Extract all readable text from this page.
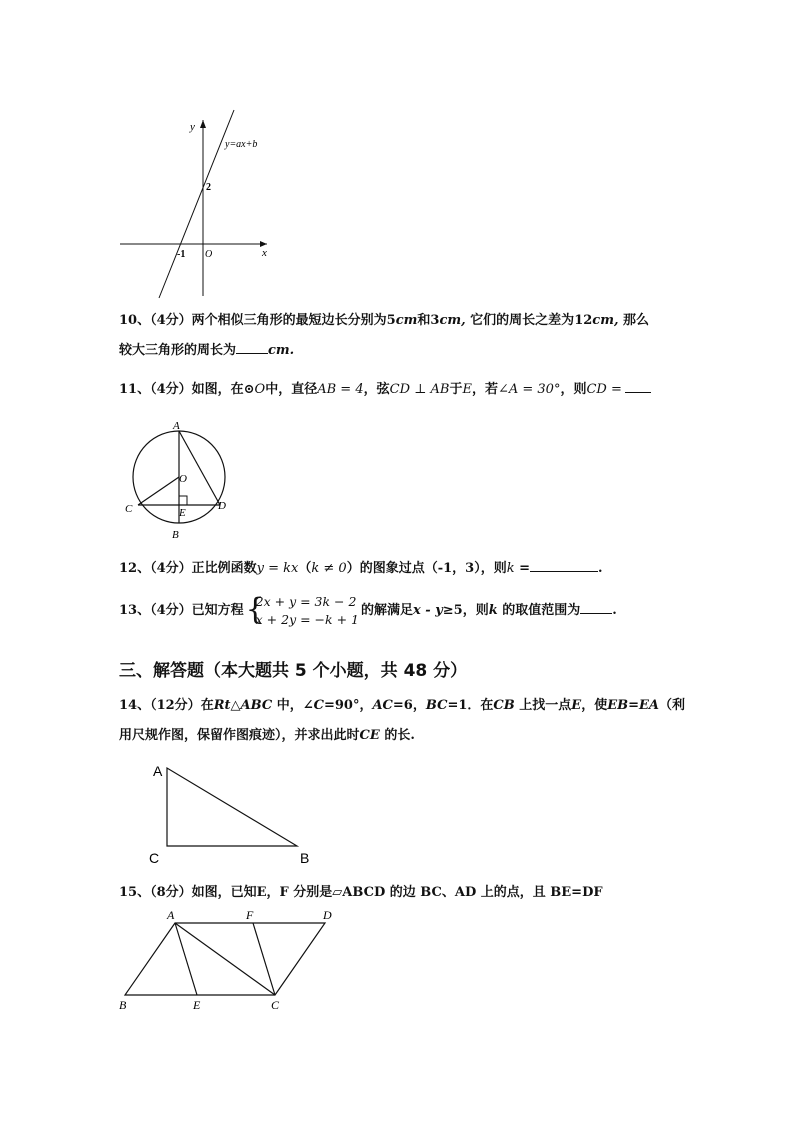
y
x
y=ax+b
2
-1 O
10、（4分）两个相似三角形的最短边长分别为5cm和3cm, 它们的周长之差为12cm, 那么
较大三角形的周长为 cm.
11、（4分）如图，在⊙O中，直径AB = 4，弦CD ⊥ AB于E，若∠A = 30°，则CD =
A
O
C	D
E
B
12、（4分）正比例函数y = kx（k ≠ 0）的图象过点（-1，3），则k =	.
13、（4分）已知方程 {
2x + y = 3k − 2
x + 2y = −k + 1
的解满足x - y≥5，则k 的取值范围为 .
三、解答题（本大题共 5 个小题，共 48 分）
14、（12分）在Rt△ABC 中，∠C=90°，AC=6，BC=1．在CB 上找一点E，使EB=EA（利
用尺规作图，保留作图痕迹），并求出此时CE 的长.
A
C	B
15、（8分）如图，已知E，F 分别是▱ABCD 的边 BC、AD 上的点，且 BE=DF
A	F	D
B	E	C
